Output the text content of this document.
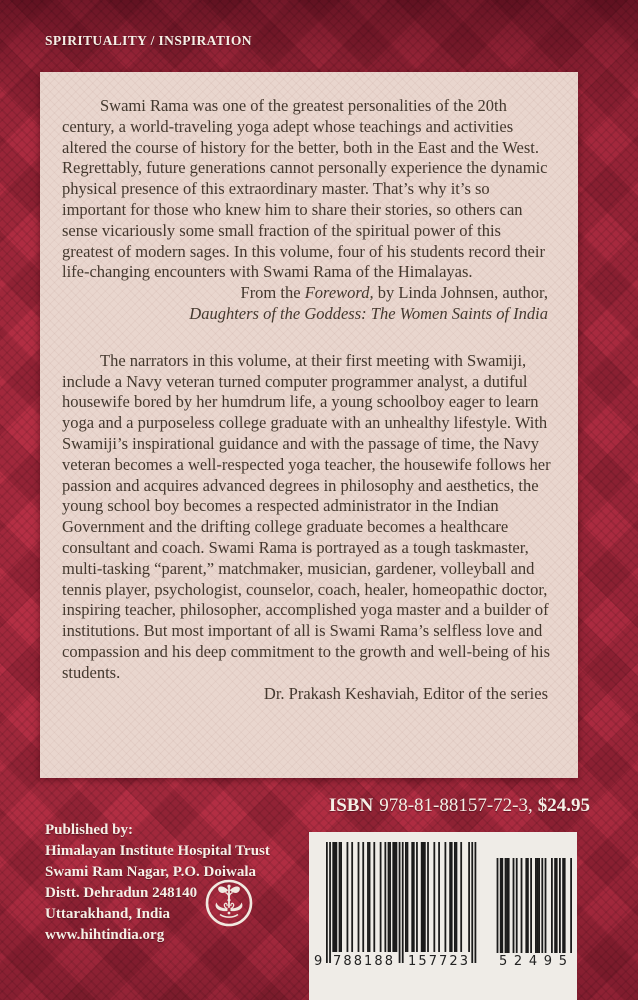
SPIRITUALITY / INSPIRATION

Swami Rama was one of the greatest personalities of the 20th century, a world-traveling yoga adept whose teachings and activities altered the course of history for the better, both in the East and the West. Regrettably, future generations cannot personally experience the dynamic physical presence of this extraordinary master. That’s why it’s so important for those who knew him to share their stories, so others can sense vicariously some small fraction of the spiritual power of this greatest of modern sages. In this volume, four of his students record their life-changing encounters with Swami Rama of the Himalayas.

From the Foreword, by Linda Johnsen, author,
Daughters of the Goddess: The Women Saints of India

The narrators in this volume, at their first meeting with Swamiji, include a Navy veteran turned computer programmer analyst, a dutiful housewife bored by her humdrum life, a young schoolboy eager to learn yoga and a purposeless college graduate with an unhealthy lifestyle. With Swamiji’s inspirational guidance and with the passage of time, the Navy veteran becomes a well-respected yoga teacher, the housewife follows her passion and acquires advanced degrees in philosophy and aesthetics, the young school boy becomes a respected administrator in the Indian Government and the drifting college graduate becomes a healthcare consultant and coach. Swami Rama is portrayed as a tough taskmaster, multi-tasking “parent,” matchmaker, musician, gardener, volleyball and tennis player, psychologist, counselor, coach, healer, homeopathic doctor, inspiring teacher, philosopher, accomplished yoga master and a builder of institutions. But most important of all is Swami Rama’s selfless love and compassion and his deep commitment to the growth and well-being of his students.

Dr. Prakash Keshaviah, Editor of the series
ISBN 978-81-88157-72-3, $24.95
Published by:
Himalayan Institute Hospital Trust
Swami Ram Nagar, P.O. Doiwala
Distt. Dehradun 248140
Uttarakhand, India
www.hihtindia.org
9 788188 157723 52495
